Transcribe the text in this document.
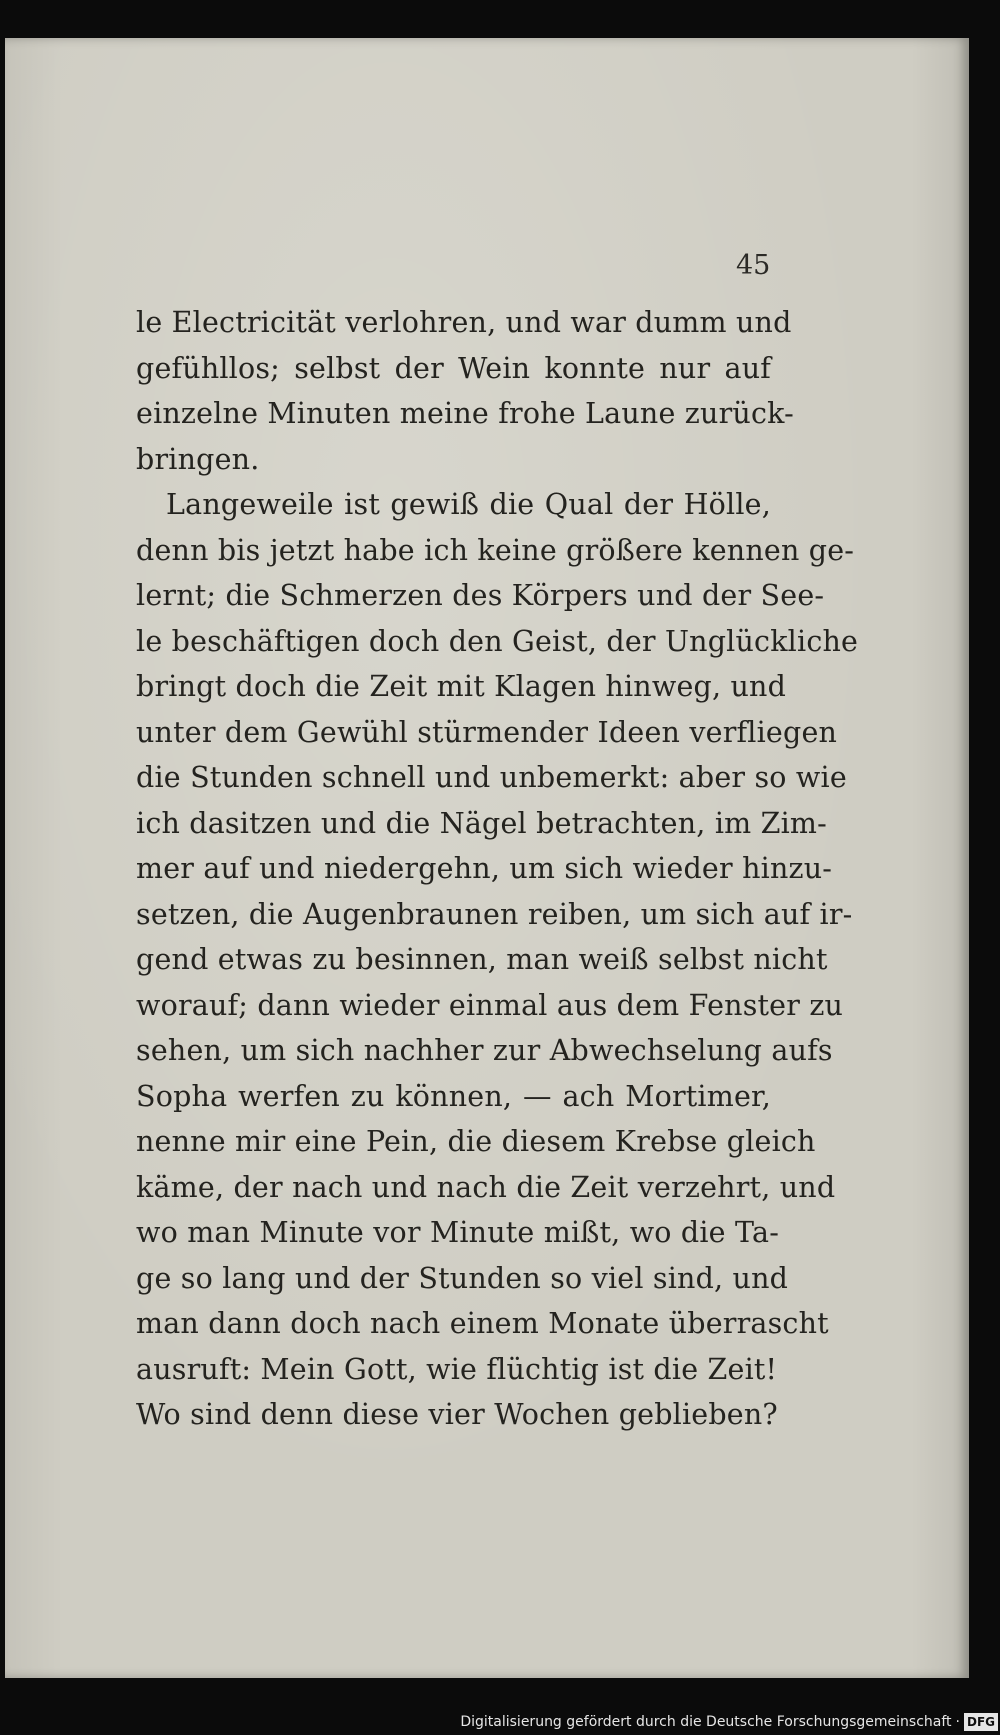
45
le Electricität verlohren, und war dumm und
gefühllos; selbst der Wein konnte nur auf
einzelne Minuten meine frohe Laune zurück-
bringen.
Langeweile ist gewiß die Qual der Hölle,
denn bis jetzt habe ich keine größere kennen ge-
lernt; die Schmerzen des Körpers und der See-
le beschäftigen doch den Geist, der Unglückliche
bringt doch die Zeit mit Klagen hinweg, und
unter dem Gewühl stürmender Ideen verfliegen
die Stunden schnell und unbemerkt: aber so wie
ich dasitzen und die Nägel betrachten, im Zim-
mer auf und niedergehn, um sich wieder hinzu-
setzen, die Augenbraunen reiben, um sich auf ir-
gend etwas zu besinnen, man weiß selbst nicht
worauf; dann wieder einmal aus dem Fenster zu
sehen, um sich nachher zur Abwechselung aufs
Sopha werfen zu können, — ach Mortimer,
nenne mir eine Pein, die diesem Krebse gleich
käme, der nach und nach die Zeit verzehrt, und
wo man Minute vor Minute mißt, wo die Ta-
ge so lang und der Stunden so viel sind, und
man dann doch nach einem Monate überrascht
ausruft: Mein Gott, wie flüchtig ist die Zeit!
Wo sind denn diese vier Wochen geblieben?
Digitalisierung gefördert durch die Deutsche Forschungsgemeinschaft · DFG
